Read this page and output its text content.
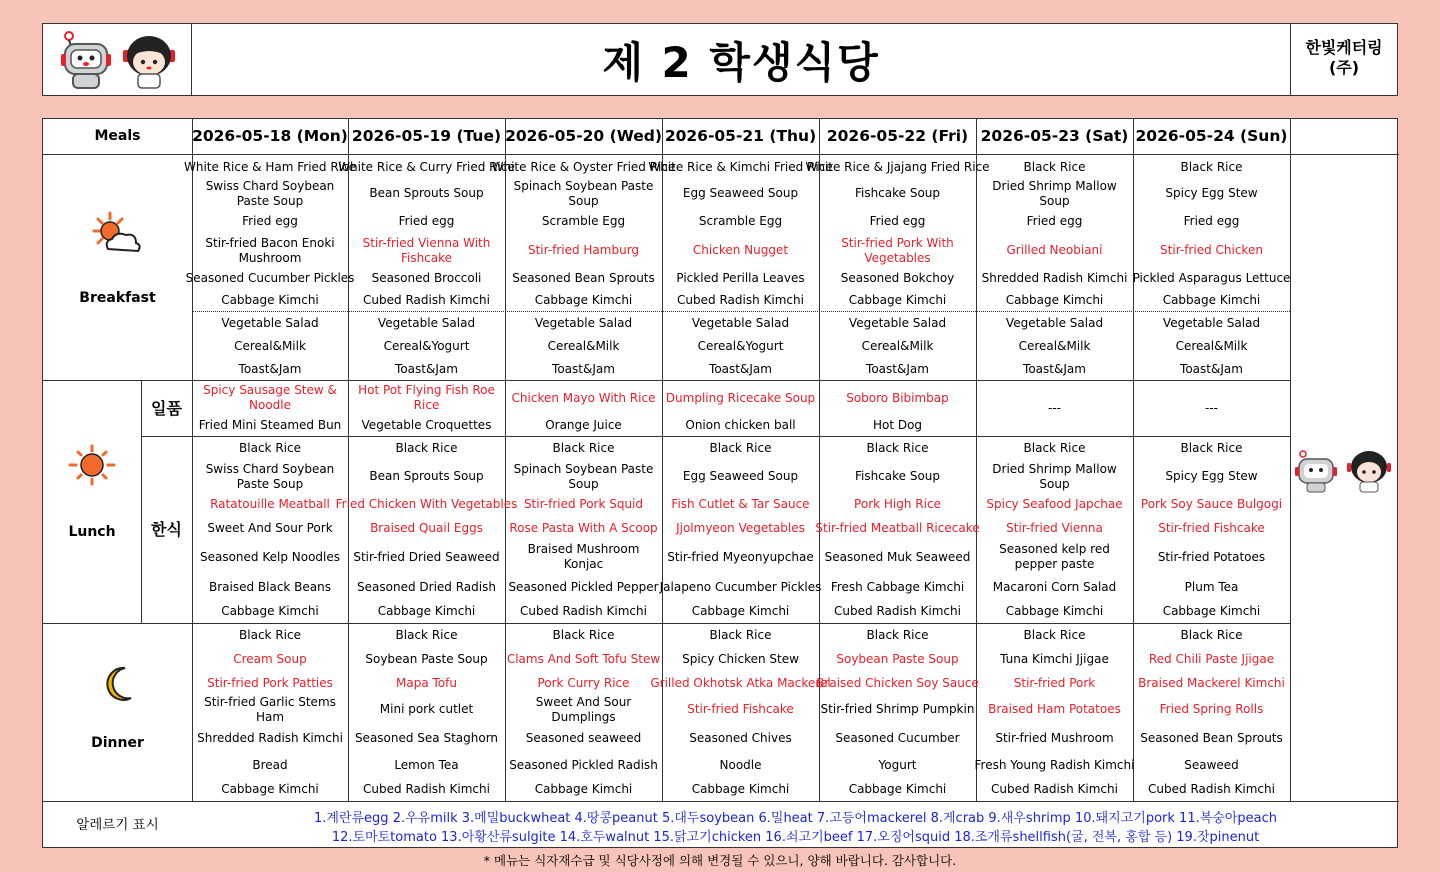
제 2 학생식당	한빛케터링
(주)
Meals
Breakfast
Lunch
일품
한식
Dinner
알레르기 표시	1.계란류egg 2.우유milk 3.메밀buckwheat 4.땅콩peanut 5.대두soybean 6.밀heat 7.고등어mackerel 8.게crab 9.새우shrimp 10.돼지고기pork 11.복숭아peach
12.토마토tomato 13.아황산류sulgite 14.호두walnut 15.닭고기chicken 16.쇠고기beef 17.오징어squid 18.조개류shellfish(굴, 전복, 홍합 등) 19.잣pinenut
2026-05-18 (Mon) 2026-05-19 (Tue) 2026-05-20 (Wed) 2026-05-21 (Thu) 2026-05-22 (Fri) 2026-05-23 (Sat) 2026-05-24 (Sun)
White Rice & Ham Fried Rice
Swiss Chard Soybean Paste Soup
Fried egg
Stir-fried Bacon Enoki Mushroom
Seasoned Cucumber Pickles
Cabbage Kimchi
Vegetable Salad
Cereal&Milk
Toast&Jam
Spicy Sausage Stew & Noodle
Fried Mini Steamed Bun
Black Rice
Swiss Chard Soybean Paste Soup
Ratatouille Meatball
Sweet And Sour Pork
Seasoned Kelp Noodles
Braised Black Beans
Cabbage Kimchi
Black Rice
Cream Soup
Stir-fried Pork Patties
Stir-fried Garlic Stems Ham
Shredded Radish Kimchi
Bread
Cabbage Kimchi
White Rice & Curry Fried Rice
Bean Sprouts Soup
Fried egg
Stir-fried Vienna With Fishcake
Seasoned Broccoli
Cubed Radish Kimchi
Vegetable Salad
Cereal&Yogurt
Toast&Jam
Hot Pot Flying Fish Roe Rice
Vegetable Croquettes
Black Rice
Bean Sprouts Soup
Fried Chicken With Vegetables
Braised Quail Eggs
Stir-fried Dried Seaweed
Seasoned Dried Radish
Cabbage Kimchi
Black Rice
Soybean Paste Soup
Mapa Tofu
Mini pork cutlet
Seasoned Sea Staghorn
Lemon Tea
Cubed Radish Kimchi
White Rice & Oyster Fried Rice
Spinach Soybean Paste Soup
Scramble Egg
Stir-fried Hamburg
Seasoned Bean Sprouts
Cabbage Kimchi
Vegetable Salad
Cereal&Milk
Toast&Jam
Chicken Mayo With Rice
Orange Juice
Black Rice
Spinach Soybean Paste Soup
Stir-fried Pork Squid
Rose Pasta With A Scoop
Braised Mushroom Konjac
Seasoned Pickled Pepper
Cubed Radish Kimchi
Black Rice
Clams And Soft Tofu Stew
Pork Curry Rice
Sweet And Sour Dumplings
Seasoned seaweed
Seasoned Pickled Radish
Cabbage Kimchi
White Rice & Kimchi Fried Rice
Egg Seaweed Soup
Scramble Egg
Chicken Nugget
Pickled Perilla Leaves
Cubed Radish Kimchi
Vegetable Salad
Cereal&Yogurt
Toast&Jam
Dumpling Ricecake Soup
Onion chicken ball
Black Rice
Egg Seaweed Soup
Fish Cutlet & Tar Sauce
Jjolmyeon Vegetables
Stir-fried Myeonyupchae
Jalapeno Cucumber Pickles
Cabbage Kimchi
Black Rice
Spicy Chicken Stew
Grilled Okhotsk Atka Mackerel
Stir-fried Fishcake
Seasoned Chives
Noodle
Cabbage Kimchi
White Rice & Jjajang Fried Rice
Fishcake Soup
Fried egg
Stir-fried Pork With Vegetables
Seasoned Bokchoy
Cabbage Kimchi
Vegetable Salad
Cereal&Milk
Toast&Jam
Soboro Bibimbap
Hot Dog
Black Rice
Fishcake Soup
Pork High Rice
Stir-fried Meatball Ricecake
Seasoned Muk Seaweed
Fresh Cabbage Kimchi
Cubed Radish Kimchi
Black Rice
Soybean Paste Soup
Braised Chicken Soy Sauce
Stir-fried Shrimp Pumpkin
Seasoned Cucumber
Yogurt
Cabbage Kimchi
Black Rice
Dried Shrimp Mallow Soup
Fried egg
Grilled Neobiani
Shredded Radish Kimchi
Cabbage Kimchi
Vegetable Salad
Cereal&Milk
Toast&Jam
---
Black Rice
Dried Shrimp Mallow Soup
Spicy Seafood Japchae
Stir-fried Vienna
Seasoned kelp red pepper paste
Macaroni Corn Salad
Cabbage Kimchi
Black Rice
Tuna Kimchi Jjigae
Stir-fried Pork
Braised Ham Potatoes
Stir-fried Mushroom
Fresh Young Radish Kimchi
Cubed Radish Kimchi
Black Rice
Spicy Egg Stew
Fried egg
Stir-fried Chicken
Pickled Asparagus Lettuce
Cabbage Kimchi
Vegetable Salad
Cereal&Milk
Toast&Jam
---
Black Rice
Spicy Egg Stew
Pork Soy Sauce Bulgogi
Stir-fried Fishcake
Stir-fried Potatoes
Plum Tea
Cabbage Kimchi
Black Rice
Red Chili Paste Jjigae
Braised Mackerel Kimchi
Fried Spring Rolls
Seasoned Bean Sprouts
Seaweed
Cubed Radish Kimchi
* 메뉴는 식자재수급 및 식당사정에 의해 변경될 수 있으니, 양해 바랍니다. 감사합니다.
